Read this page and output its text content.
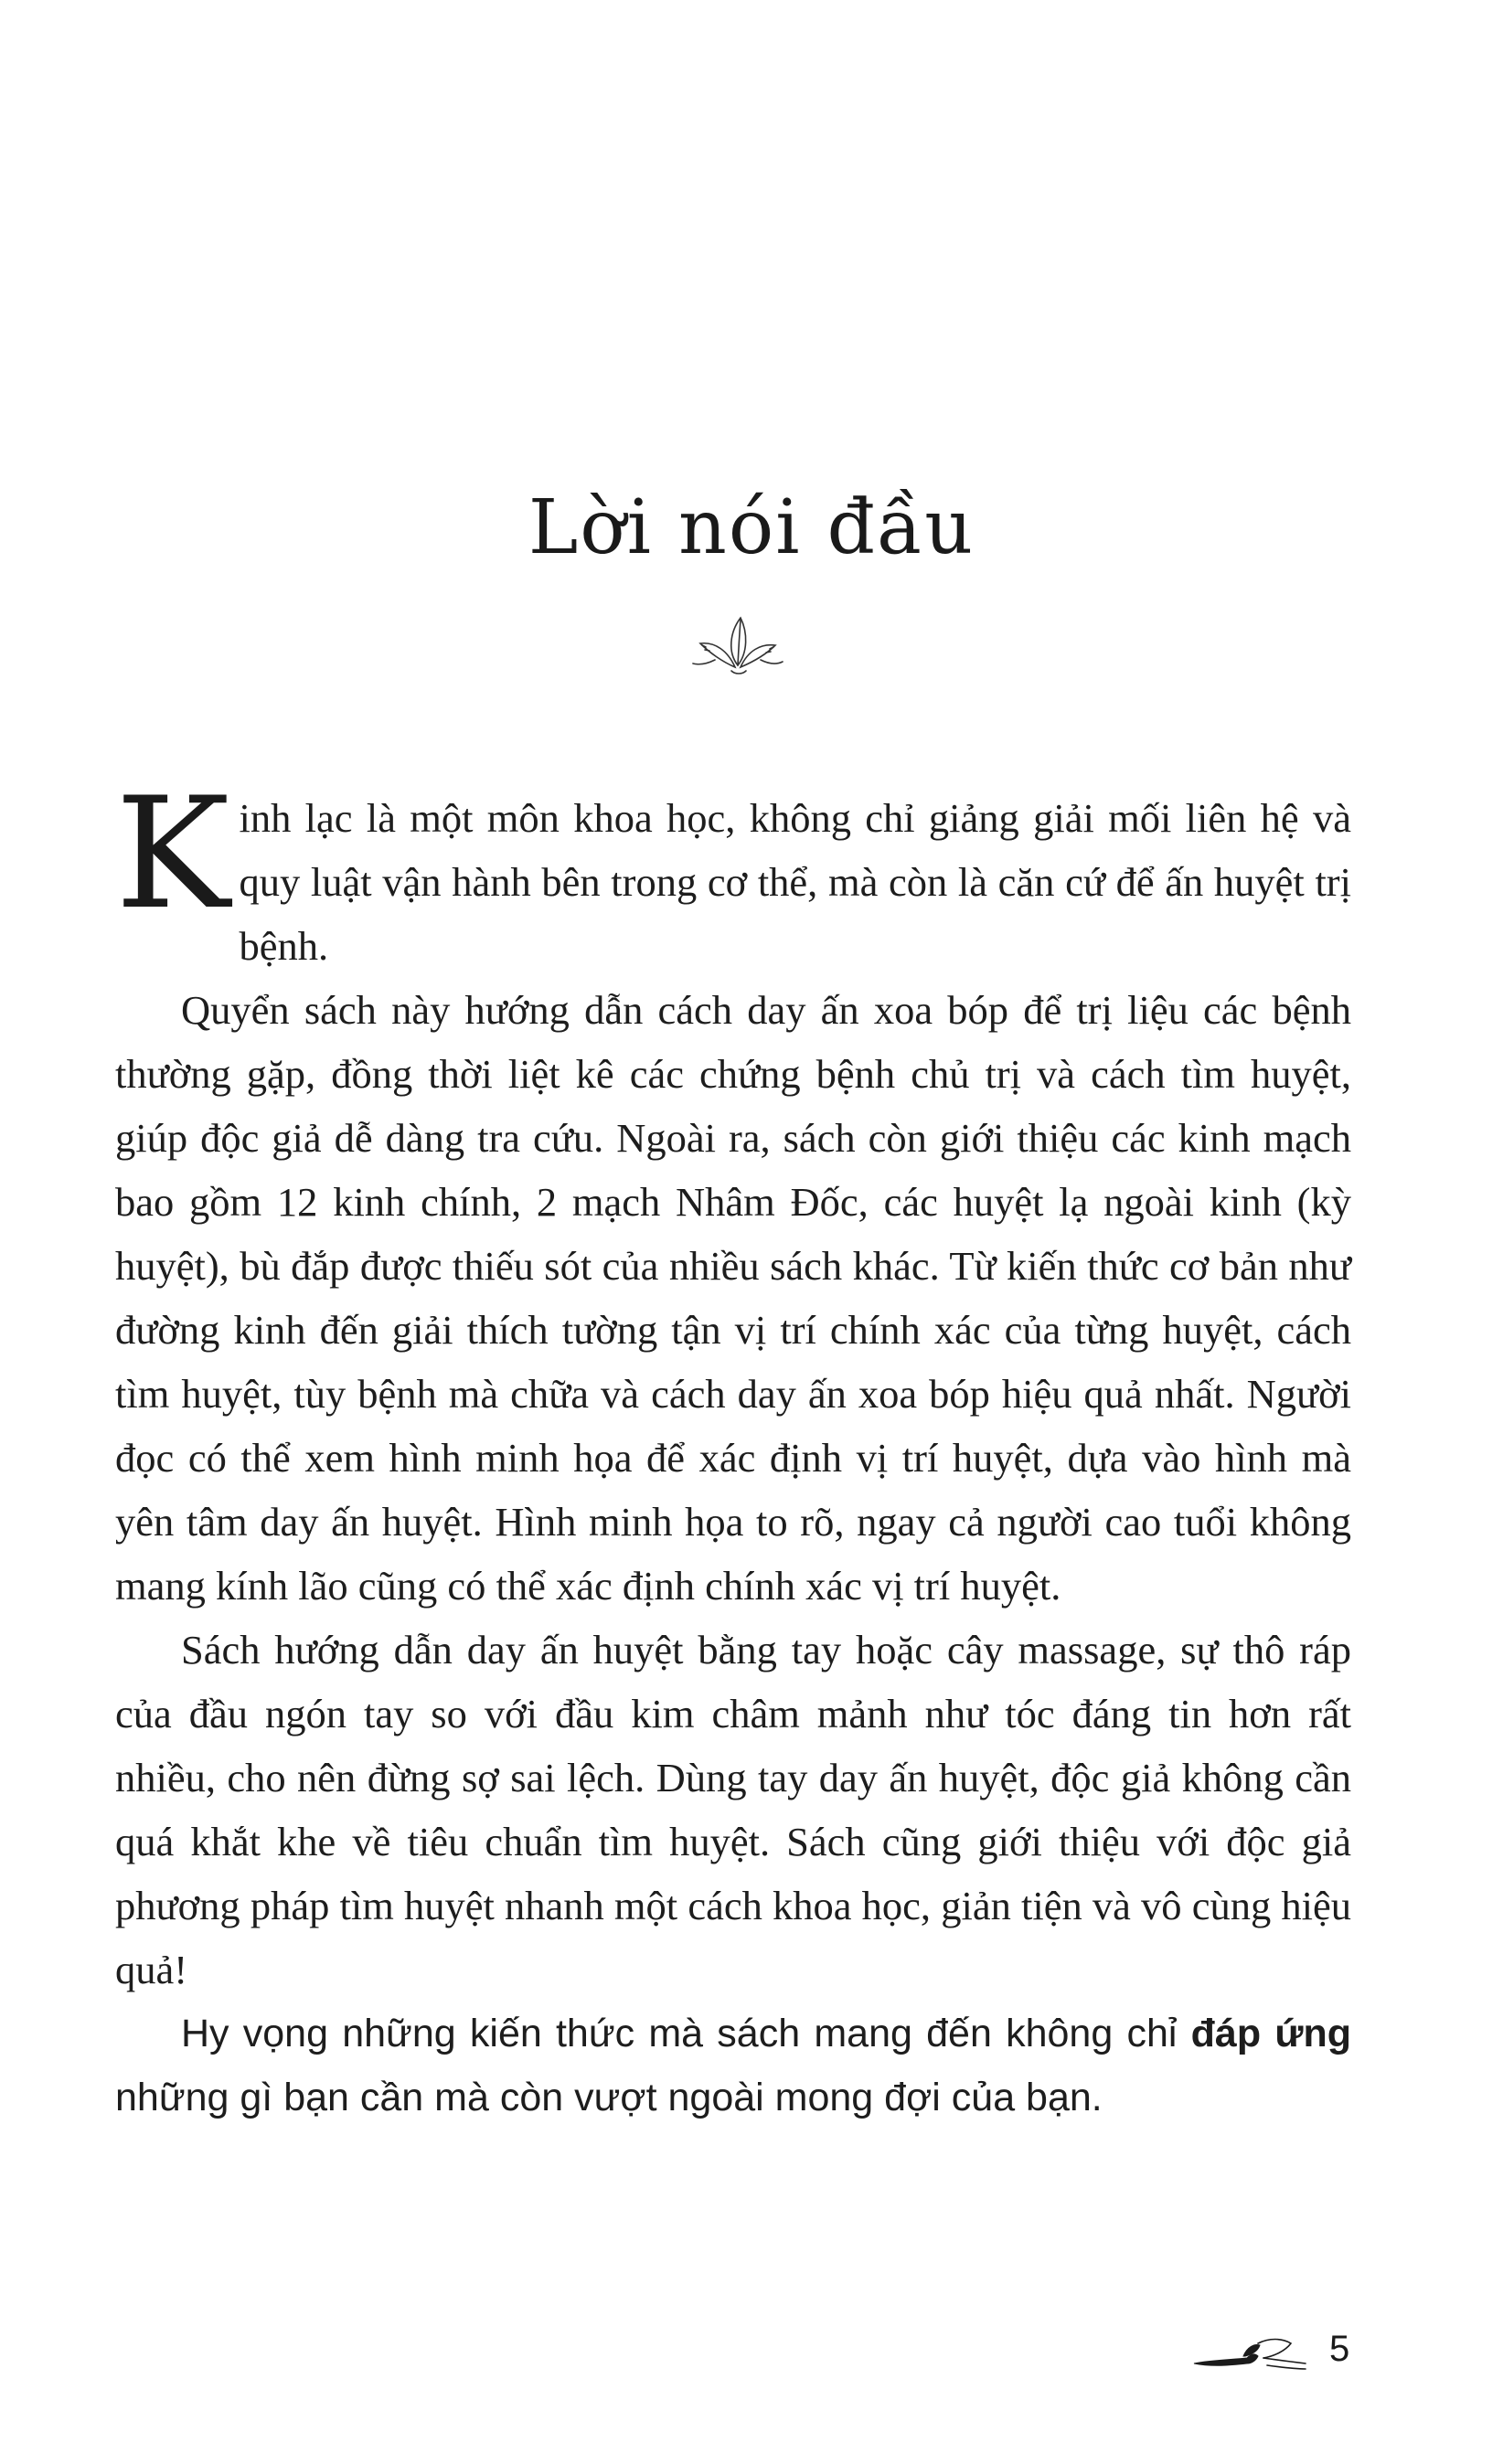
Lời nói đầu

Kinh lạc là một môn khoa học, không chỉ giảng giải mối liên hệ và quy luật vận hành bên trong cơ thể, mà còn là căn cứ để ấn huyệt trị bệnh.

Quyển sách này hướng dẫn cách day ấn xoa bóp để trị liệu các bệnh thường gặp, đồng thời liệt kê các chứng bệnh chủ trị và cách tìm huyệt, giúp độc giả dễ dàng tra cứu. Ngoài ra, sách còn giới thiệu các kinh mạch bao gồm 12 kinh chính, 2 mạch Nhâm Đốc, các huyệt lạ ngoài kinh (kỳ huyệt), bù đắp được thiếu sót của nhiều sách khác. Từ kiến thức cơ bản như đường kinh đến giải thích tường tận vị trí chính xác của từng huyệt, cách tìm huyệt, tùy bệnh mà chữa và cách day ấn xoa bóp hiệu quả nhất. Người đọc có thể xem hình minh họa để xác định vị trí huyệt, dựa vào hình mà yên tâm day ấn huyệt. Hình minh họa to rõ, ngay cả người cao tuổi không mang kính lão cũng có thể xác định chính xác vị trí huyệt.

Sách hướng dẫn day ấn huyệt bằng tay hoặc cây massage, sự thô ráp của đầu ngón tay so với đầu kim châm mảnh như tóc đáng tin hơn rất nhiều, cho nên đừng sợ sai lệch. Dùng tay day ấn huyệt, độc giả không cần quá khắt khe về tiêu chuẩn tìm huyệt. Sách cũng giới thiệu với độc giả phương pháp tìm huyệt nhanh một cách khoa học, giản tiện và vô cùng hiệu quả!

Hy vọng những kiến thức mà sách mang đến không chỉ đáp ứng những gì bạn cần mà còn vượt ngoài mong đợi của bạn.

5
